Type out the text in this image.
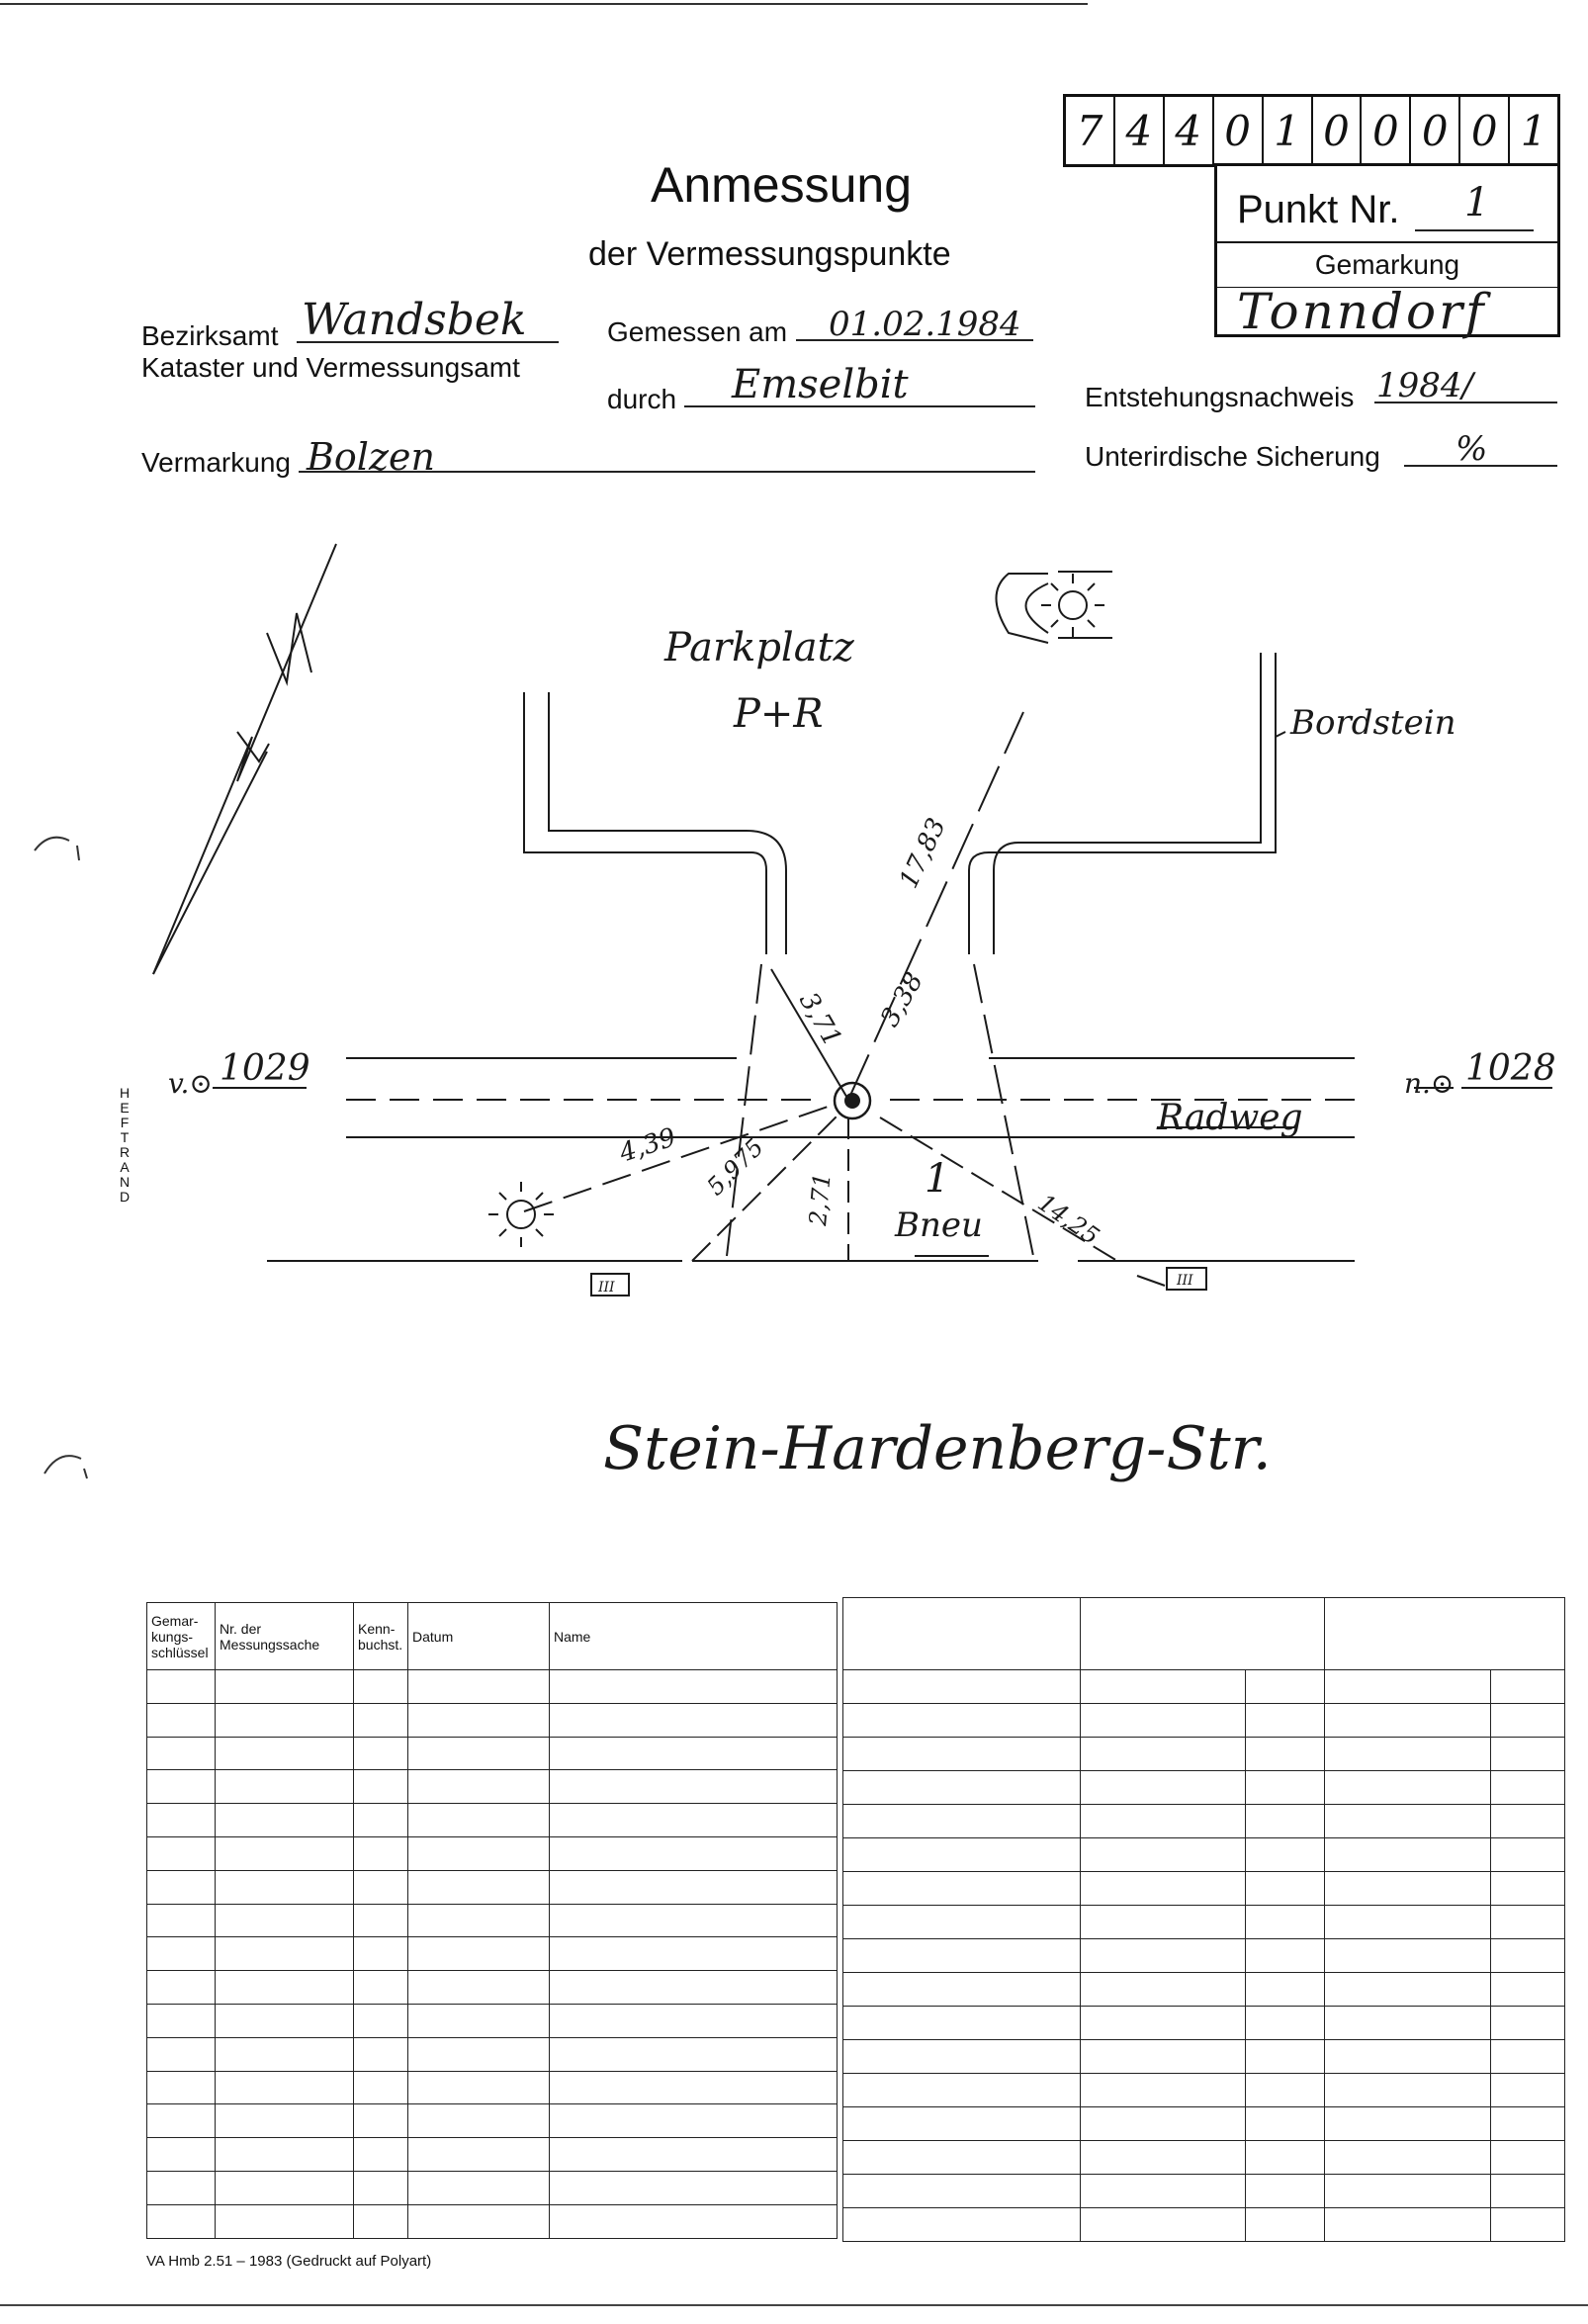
7 4 4 0 1 0 0 0 0 1
Punkt Nr. 1
Gemarkung
Tonndorf
Anmessung
der Vermessungspunkte
Bezirksamt Wandsbek
Kataster und Vermessungsamt
Vermarkung Bolzen
Gemessen am 01.02.1984
durch Emselbit	Entstehungsnachweis 1984/
Unterirdische Sicherung %
H
E
F
T
R
A
N
D
Parkplatz
P+R	Bordstein
Radweg
v.⊙ 1029	n.⊙ 1028
1
Bneu
Stein-Hardenberg-Str.
17,83
3,71 3,38
4,39 5,975 2,71	14,25
III	III
Gemar-kungs-schlüssel	Nr. der Messungssache	Kenn-buchst.	Datum	Name

VA Hmb 2.51 – 1983 (Gedruckt auf Polyart)
